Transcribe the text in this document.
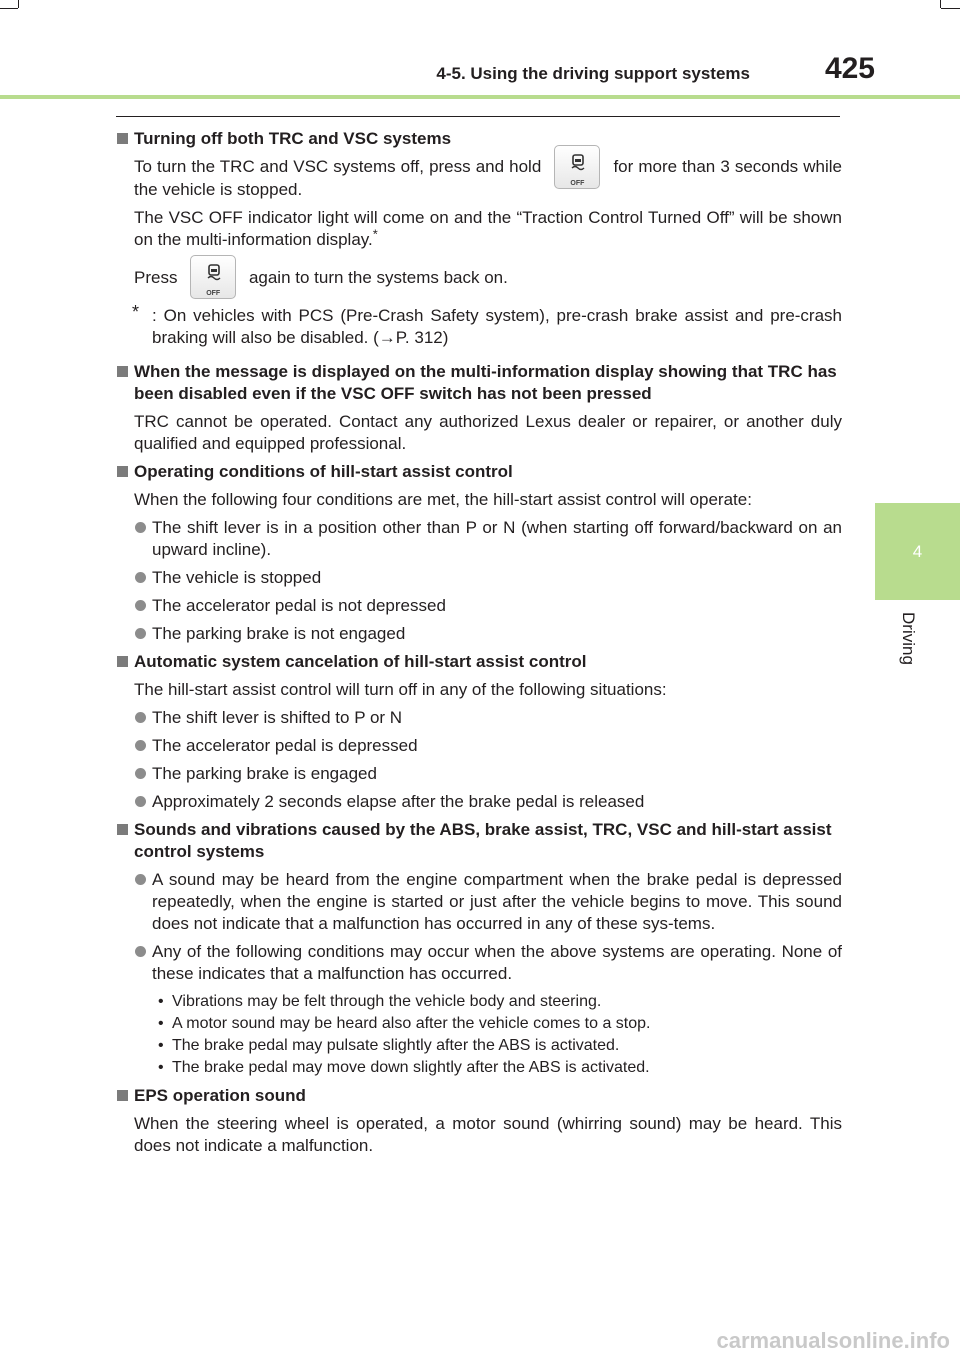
4-5. Using the driving support systems	425
4
Driving
Turning off both TRC and VSC systems
To turn the TRC and VSC systems off, press and hold
OFF
for more than 3 seconds while the vehicle is stopped.
The VSC OFF indicator light will come on and the “Traction Control Turned Off” will be shown on the multi-information display.*
Press
OFF
again to turn the systems back on.
* : On vehicles with PCS (Pre-Crash Safety system), pre-crash brake assist and pre-crash braking will also be disabled. (→P. 312)
When the message is displayed on the multi-information display showing that TRC has been disabled even if the VSC OFF switch has not been pressed
TRC cannot be operated. Contact any authorized Lexus dealer or repairer, or another duly qualified and equipped professional.
Operating conditions of hill-start assist control
When the following four conditions are met, the hill-start assist control will operate:
The shift lever is in a position other than P or N (when starting off forward/backward on an upward incline).
The vehicle is stopped
The accelerator pedal is not depressed
The parking brake is not engaged
Automatic system cancelation of hill-start assist control
The hill-start assist control will turn off in any of the following situations:
The shift lever is shifted to P or N
The accelerator pedal is depressed
The parking brake is engaged
Approximately 2 seconds elapse after the brake pedal is released
Sounds and vibrations caused by the ABS, brake assist, TRC, VSC and hill-start assist control systems
A sound may be heard from the engine compartment when the brake pedal is depressed repeatedly, when the engine is started or just after the vehicle begins to move. This sound does not indicate that a malfunction has occurred in any of these sys-tems.
Any of the following conditions may occur when the above systems are operating. None of these indicates that a malfunction has occurred.
• Vibrations may be felt through the vehicle body and steering.
• A motor sound may be heard also after the vehicle comes to a stop.
• The brake pedal may pulsate slightly after the ABS is activated.
• The brake pedal may move down slightly after the ABS is activated.
EPS operation sound
When the steering wheel is operated, a motor sound (whirring sound) may be heard. This does not indicate a malfunction.
carmanualsonline.info
